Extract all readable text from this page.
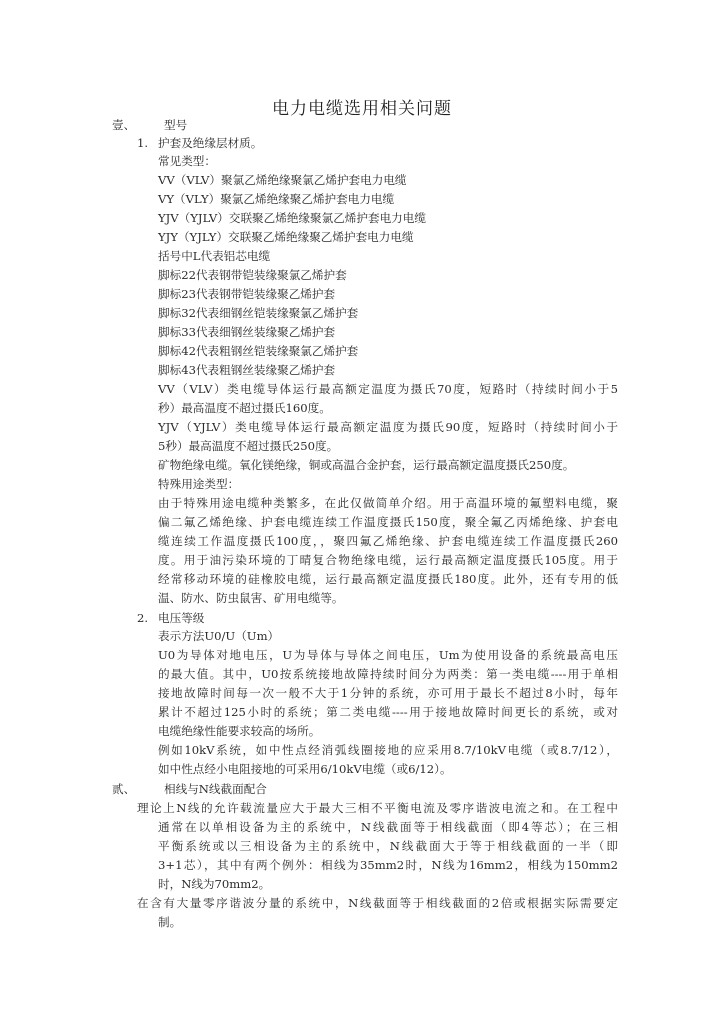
电力电缆选用相关问题
壹、 型号
1. 护套及绝缘层材质。
常见类型：
VV（VLV）聚氯乙烯绝缘聚氯乙烯护套电力电缆
VY（VLY）聚氯乙烯绝缘聚乙烯护套电力电缆
YJV（YJLV）交联聚乙烯绝缘聚氯乙烯护套电力电缆
YJY（YJLY）交联聚乙烯绝缘聚乙烯护套电力电缆
括号中L代表铝芯电缆
脚标22代表钢带铠装缘聚氯乙烯护套
脚标23代表钢带铠装缘聚乙烯护套
脚标32代表细钢丝铠装缘聚氯乙烯护套
脚标33代表细钢丝装缘聚乙烯护套
脚标42代表粗钢丝铠装缘聚氯乙烯护套
脚标43代表粗钢丝装缘聚乙烯护套
VV（VLV）类电缆导体运行最高额定温度为摄氏70度，短路时（持续时间小于5
秒）最高温度不超过摄氏160度。
YJV（YJLV）类电缆导体运行最高额定温度为摄氏90度，短路时（持续时间小于
5秒）最高温度不超过摄氏250度。
矿物绝缘电缆。氧化镁绝缘，铜或高温合金护套，运行最高额定温度摄氏250度。
特殊用途类型：
由于特殊用途电缆种类繁多，在此仅做简单介绍。用于高温环境的氟塑料电缆，聚
偏二氟乙烯绝缘、护套电缆连续工作温度摄氏150度，聚全氟乙丙烯绝缘、护套电
缆连续工作温度摄氏100度，，聚四氟乙烯绝缘、护套电缆连续工作温度摄氏260
度。用于油污染环境的丁晴复合物绝缘电缆，运行最高额定温度摄氏105度。用于
经常移动环境的硅橡胶电缆，运行最高额定温度摄氏180度。此外，还有专用的低
温、防水、防虫鼠害、矿用电缆等。
2. 电压等级
表示方法U0/U（Um）
U0为导体对地电压，U为导体与导体之间电压，Um为使用设备的系统最高电压
的最大值。其中，U0按系统接地故障持续时间分为两类：第一类电缆----用于单相
接地故障时间每一次一般不大于1分钟的系统，亦可用于最长不超过8小时，每年
累计不超过125小时的系统；第二类电缆----用于接地故障时间更长的系统，或对
电缆绝缘性能要求较高的场所。
例如10kV系统，如中性点经消弧线圈接地的应采用8.7/10kV电缆（或8.7/12），
如中性点经小电阻接地的可采用6/10kV电缆（或6/12）。
贰、 相线与N线截面配合
理论上N线的允许载流量应大于最大三相不平衡电流及零序谐波电流之和。在工程中
通常在以单相设备为主的系统中，N线截面等于相线截面（即4等芯）；在三相
平衡系统或以三相设备为主的系统中，N线截面大于等于相线截面的一半（即
3+1芯），其中有两个例外：相线为35mm2时，N线为16mm2，相线为150mm2
时，N线为70mm2。
在含有大量零序谐波分量的系统中，N线截面等于相线截面的2倍或根据实际需要定
制。
